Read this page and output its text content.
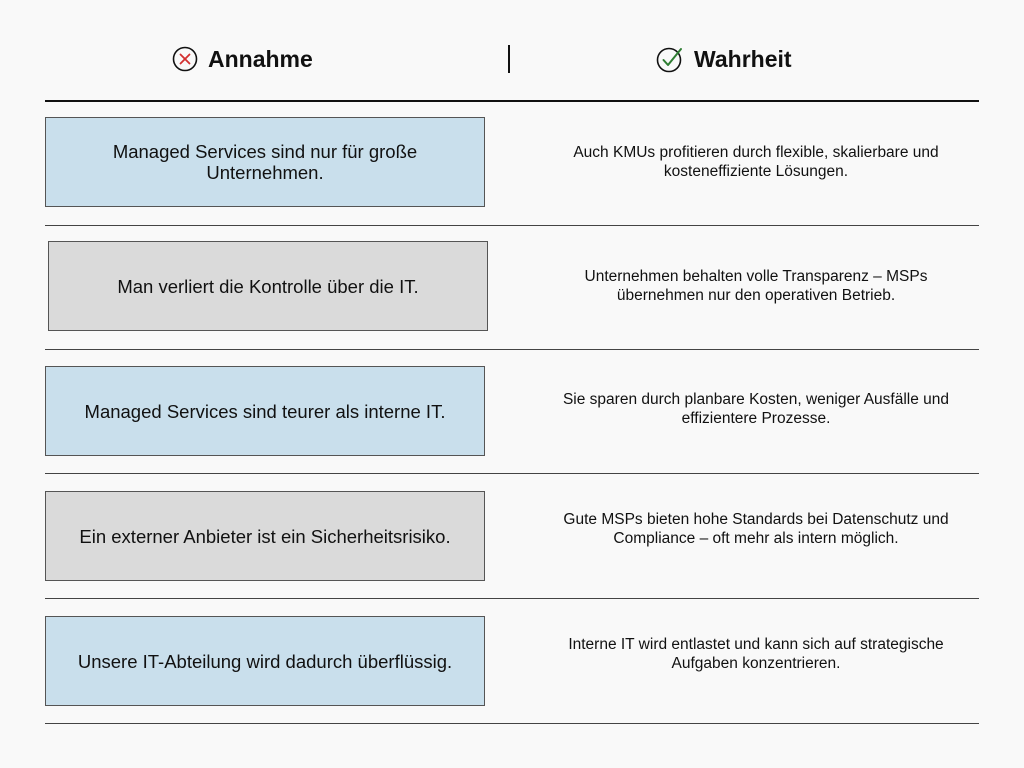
Annahme	Wahrheit
Managed Services sind nur für große Unternehmen.
Auch KMUs profitieren durch flexible, skalierbare und kosteneffiziente Lösungen.
Man verliert die Kontrolle über die IT.	Unternehmen behalten volle Transparenz – MSPs übernehmen nur den operativen Betrieb.
Managed Services sind teurer als interne IT.
Sie sparen durch planbare Kosten, weniger Ausfälle und effizientere Prozesse.
Ein externer Anbieter ist ein Sicherheitsrisiko.
Gute MSPs bieten hohe Standards bei Datenschutz und Compliance – oft mehr als intern möglich.
Unsere IT-Abteilung wird dadurch überflüssig.
Interne IT wird entlastet und kann sich auf strategische Aufgaben konzentrieren.
